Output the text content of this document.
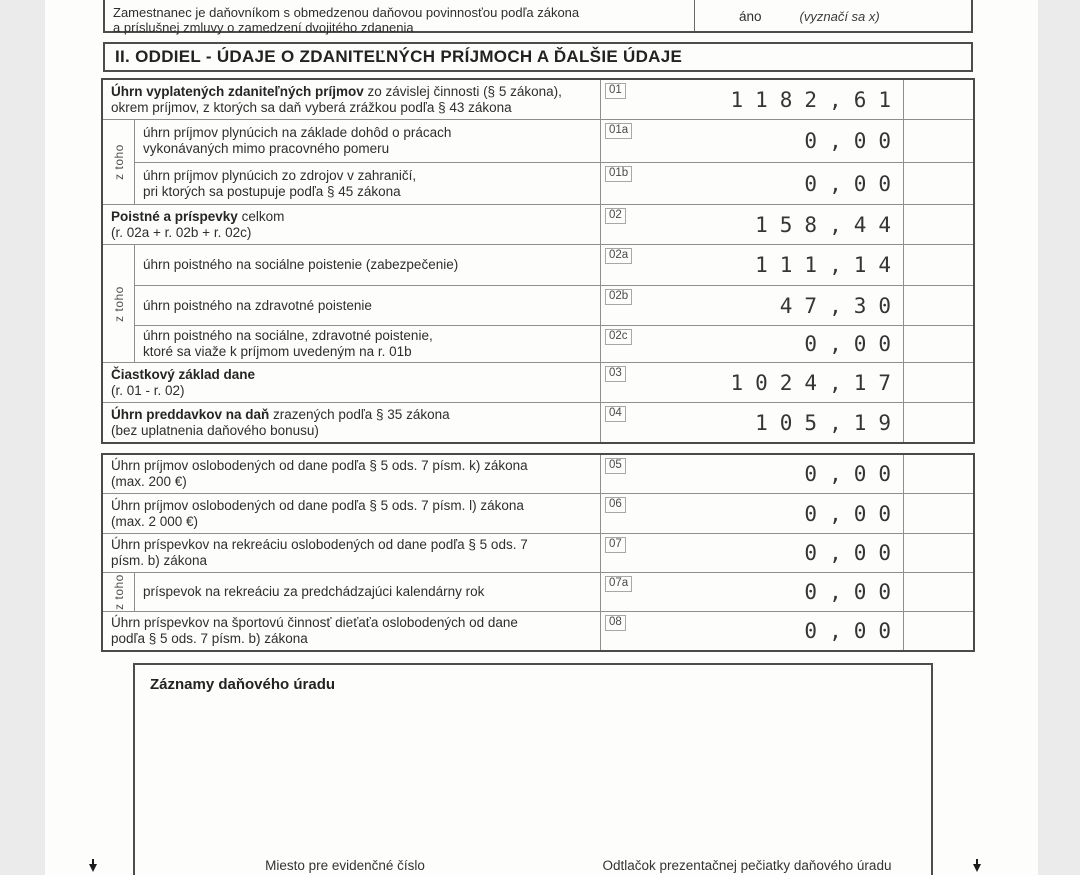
Zamestnanec je daňovníkom s obmedzenou daňovou povinnosťou podľa zákona
a príslušnej zmluvy o zamedzení dvojitého zdanenia
áno	(vyznačí sa x)
II. ODDIEL - ÚDAJE O ZDANITEĽNÝCH PRÍJMOCH A ĎALŠIE ÚDAJE
Úhrn vyplatených zdaniteľných príjmov zo závislej činnosti (§ 5 zákona),
okrem príjmov, z ktorých sa daň vyberá zrážkou podľa § 43 zákona
01	1182,61
z toho
úhrn príjmov plynúcich na základe dohôd o prácach
vykonávaných mimo pracovného pomeru
01a	0,00
úhrn príjmov plynúcich zo zdrojov v zahraničí,
pri ktorých sa postupuje podľa § 45 zákona
01b	0,00
Poistné a príspevky celkom
(r. 02a + r. 02b + r. 02c)
02	158,44
z toho
úhrn poistného na sociálne poistenie (zabezpečenie)
02a	111,14
úhrn poistného na zdravotné poistenie
02b	47,30
úhrn poistného na sociálne, zdravotné poistenie,
ktoré sa viaže k príjmom uvedeným na r. 01b
02c	0,00
Čiastkový základ dane
(r. 01 - r. 02)
03	1024,17
Úhrn preddavkov na daň zrazených podľa § 35 zákona
(bez uplatnenia daňového bonusu)
04	105,19
Úhrn príjmov oslobodených od dane podľa § 5 ods. 7 písm. k) zákona
(max. 200 €)
05	0,00
Úhrn príjmov oslobodených od dane podľa § 5 ods. 7 písm. l) zákona
(max. 2 000 €)
06	0,00
Úhrn príspevkov na rekreáciu oslobodených od dane podľa § 5 ods. 7
písm. b) zákona
07	0,00
z toho príspevok na rekreáciu za predchádzajúci kalendárny rok
07a	0,00
Úhrn príspevkov na športovú činnosť dieťaťa oslobodených od dane
podľa § 5 ods. 7 písm. b) zákona
08	0,00
Záznamy daňového úradu
Miesto pre evidenčné číslo	Odtlačok prezentačnej pečiatky daňového úradu
